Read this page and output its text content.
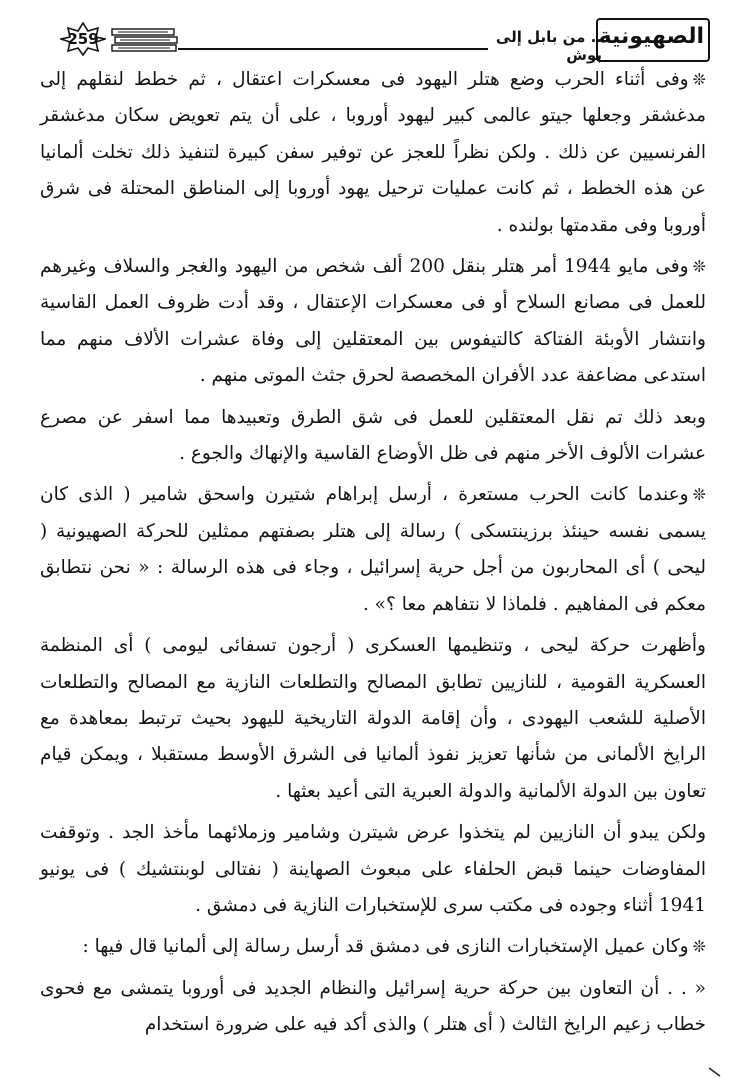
259	.. من بابل إلى بوش
الصهيونية

❊وفى أثناء الحرب وضع هتلر اليهود فى معسكرات اعتقال ، ثم خطط لنقلهم إلى مدغشقر وجعلها جيتو عالمى كبير ليهود أوروبا ، على أن يتم تعويض سكان مدغشقر الفرنسيين عن ذلك . ولكن نظراً للعجز عن توفير سفن كبيرة لتنفيذ ذلك تخلت ألمانيا عن هذه الخطط ، ثم كانت عمليات ترحيل يهود أوروبا إلى المناطق المحتلة فى شرق أوروبا وفى مقدمتها بولنده .

❊وفى مايو 1944 أمر هتلر بنقل 200 ألف شخص من اليهود والغجر والسلاف وغيرهم للعمل فى مصانع السلاح أو فى معسكرات الإعتقال ، وقد أدت ظروف العمل القاسية وانتشار الأوبئة الفتاكة كالتيفوس بين المعتقلين إلى وفاة عشرات الألاف منهم مما استدعى مضاعفة عدد الأفران المخصصة لحرق جثث الموتى منهم .

وبعد ذلك تم نقل المعتقلين للعمل فى شق الطرق وتعبيدها مما اسفر عن مصرع عشرات الألوف الأخر منهم فى ظل الأوضاع القاسية والإنهاك والجوع .

❊وعندما كانت الحرب مستعرة ، أرسل إبراهام شتيرن واسحق شامير ( الذى كان يسمى نفسه حينئذ برزينتسكى ) رسالة إلى هتلر بصفتهم ممثلين للحركة الصهيونية ( ليحى ) أى المحاربون من أجل حرية إسرائيل ، وجاء فى هذه الرسالة : « نحن نتطابق معكم فى المفاهيم . فلماذا لا نتفاهم معا ؟» .

وأظهرت حركة ليحى ، وتنظيمها العسكرى ( أرجون تسفائى ليومى ) أى المنظمة العسكرية القومية ، للنازيين تطابق المصالح والتطلعات النازية مع المصالح والتطلعات الأصلية للشعب اليهودى ، وأن إقامة الدولة التاريخية لليهود بحيث ترتبط بمعاهدة مع الرايخ الألمانى من شأنها تعزيز نفوذ ألمانيا فى الشرق الأوسط مستقبلا ، ويمكن قيام تعاون بين الدولة الألمانية والدولة العبرية التى أعيد بعثها .

ولكن يبدو أن النازيين لم يتخذوا عرض شيترن وشامير وزملائهما مأخذ الجد . وتوقفت المفاوضات حينما قبض الحلفاء على مبعوث الصهاينة ( نفتالى لوبنتشيك ) فى يونيو 1941 أثناء وجوده فى مكتب سرى للإستخبارات النازية فى دمشق .

❊وكان عميل الإستخبارات النازى فى دمشق قد أرسل رسالة إلى ألمانيا قال فيها :

« . . أن التعاون بين حركة حرية إسرائيل والنظام الجديد فى أوروبا يتمشى مع فحوى خطاب زعيم الرايخ الثالث ( أى هتلر ) والذى أكد فيه على ضرورة استخدام
